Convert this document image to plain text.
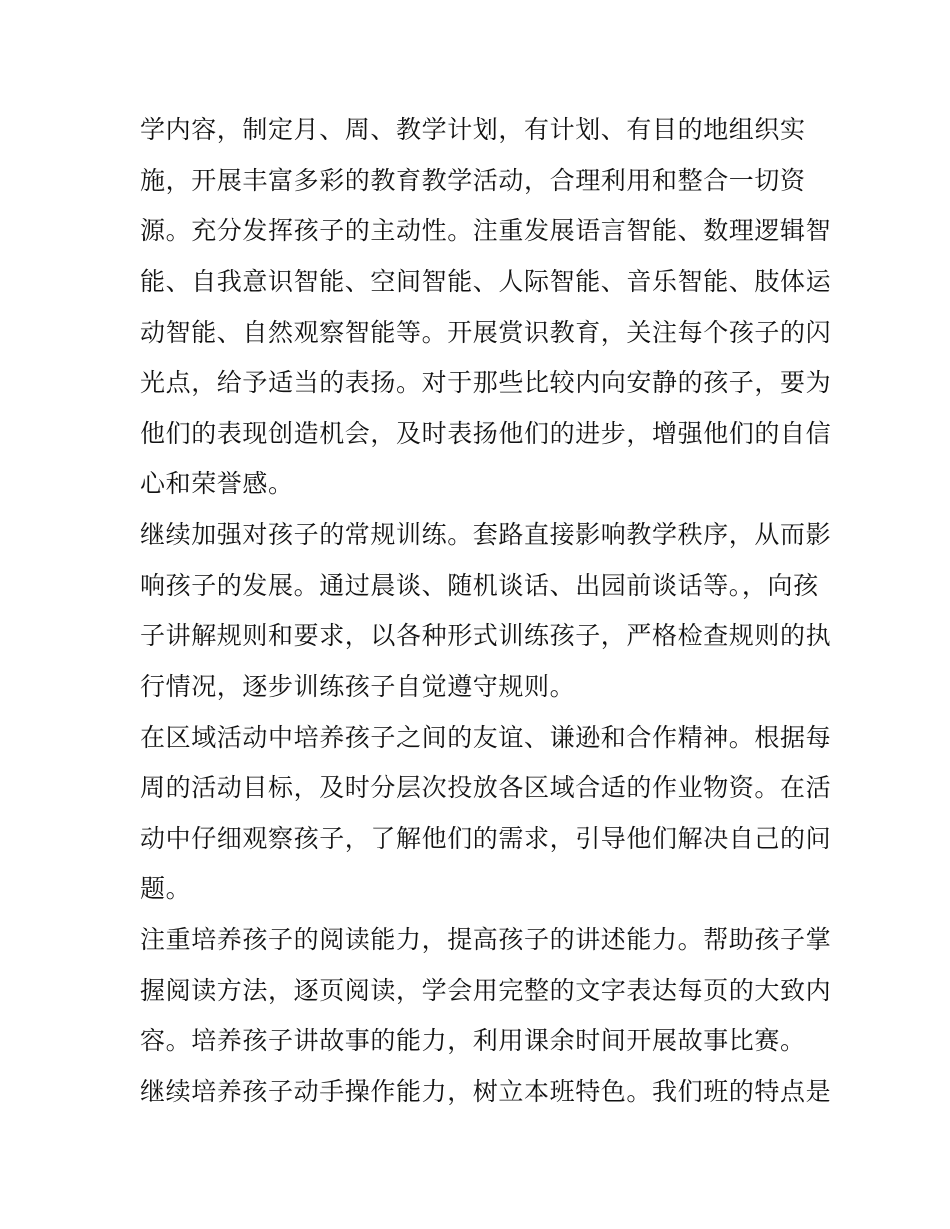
学内容，制定月、周、教学计划，有计划、有目的地组织实
施，开展丰富多彩的教育教学活动，合理利用和整合一切资
源。充分发挥孩子的主动性。注重发展语言智能、数理逻辑智
能、自我意识智能、空间智能、人际智能、音乐智能、肢体运
动智能、自然观察智能等。开展赏识教育，关注每个孩子的闪
光点，给予适当的表扬。对于那些比较内向安静的孩子，要为
他们的表现创造机会，及时表扬他们的进步，增强他们的自信
心和荣誉感。
继续加强对孩子的常规训练。套路直接影响教学秩序，从而影
响孩子的发展。通过晨谈、随机谈话、出园前谈话等。，向孩
子讲解规则和要求，以各种形式训练孩子，严格检查规则的执
行情况，逐步训练孩子自觉遵守规则。
在区域活动中培养孩子之间的友谊、谦逊和合作精神。根据每
周的活动目标，及时分层次投放各区域合适的作业物资。在活
动中仔细观察孩子，了解他们的需求，引导他们解决自己的问
题。
注重培养孩子的阅读能力，提高孩子的讲述能力。帮助孩子掌
握阅读方法，逐页阅读，学会用完整的文字表达每页的大致内
容。培养孩子讲故事的能力，利用课余时间开展故事比赛。
继续培养孩子动手操作能力，树立本班特色。我们班的特点是
